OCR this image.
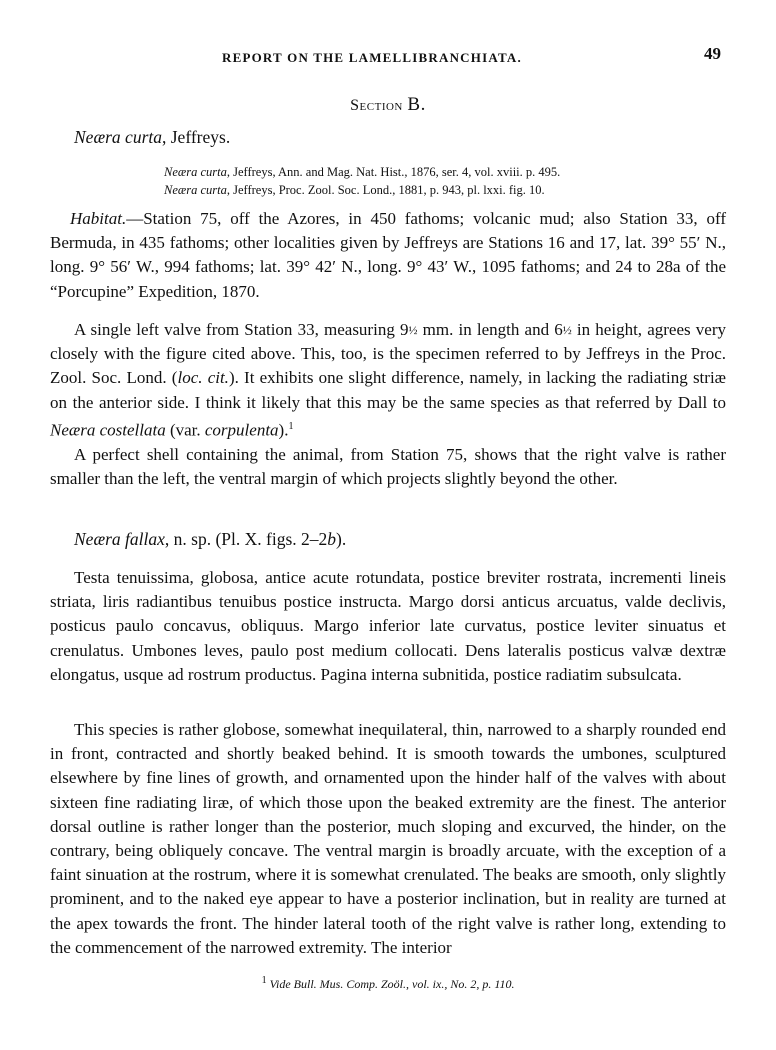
REPORT ON THE LAMELLIBRANCHIATA.	49
Section B.
Neæra curta, Jeffreys.
Neæra curta, Jeffreys, Ann. and Mag. Nat. Hist., 1876, ser. 4, vol. xviii. p. 495.
Neæra curta, Jeffreys, Proc. Zool. Soc. Lond., 1881, p. 943, pl. lxxi. fig. 10.

Habitat.—Station 75, off the Azores, in 450 fathoms; volcanic mud; also Station 33, off Bermuda, in 435 fathoms; other localities given by Jeffreys are Stations 16 and 17, lat. 39° 55′ N., long. 9° 56′ W., 994 fathoms; lat. 39° 42′ N., long. 9° 43′ W., 1095 fathoms; and 24 to 28a of the “Porcupine” Expedition, 1870.

A single left valve from Station 33, measuring 9½ mm. in length and 6½ in height, agrees very closely with the figure cited above. This, too, is the specimen referred to by Jeffreys in the Proc. Zool. Soc. Lond. (loc. cit.). It exhibits one slight difference, namely, in lacking the radiating striæ on the anterior side. I think it likely that this may be the same species as that referred by Dall to Neæra costellata (var. corpulenta).$^1$

A perfect shell containing the animal, from Station 75, shows that the right valve is rather smaller than the left, the ventral margin of which projects slightly beyond the other.

Neæra fallax, n. sp. (Pl. X. figs. 2–2b).

Testa tenuissima, globosa, antice acute rotundata, postice breviter rostrata, incrementi lineis striata, liris radiantibus tenuibus postice instructa. Margo dorsi anticus arcuatus, valde declivis, posticus paulo concavus, obliquus. Margo inferior late curvatus, postice leviter sinuatus et crenulatus. Umbones leves, paulo post medium collocati. Dens lateralis posticus valvæ dextræ elongatus, usque ad rostrum productus. Pagina interna subnitida, postice radiatim subsulcata.

This species is rather globose, somewhat inequilateral, thin, narrowed to a sharply rounded end in front, contracted and shortly beaked behind. It is smooth towards the umbones, sculptured elsewhere by fine lines of growth, and ornamented upon the hinder half of the valves with about sixteen fine radiating liræ, of which those upon the beaked extremity are the finest. The anterior dorsal outline is rather longer than the posterior, much sloping and excurved, the hinder, on the contrary, being obliquely concave. The ventral margin is broadly arcuate, with the exception of a faint sinuation at the rostrum, where it is somewhat crenulated. The beaks are smooth, only slightly prominent, and to the naked eye appear to have a posterior inclination, but in reality are turned at the apex towards the front. The hinder lateral tooth of the right valve is rather long, extending to the commencement of the narrowed extremity. The interior

$^1$ Vide Bull. Mus. Comp. Zoöl., vol. ix., No. 2, p. 110.
